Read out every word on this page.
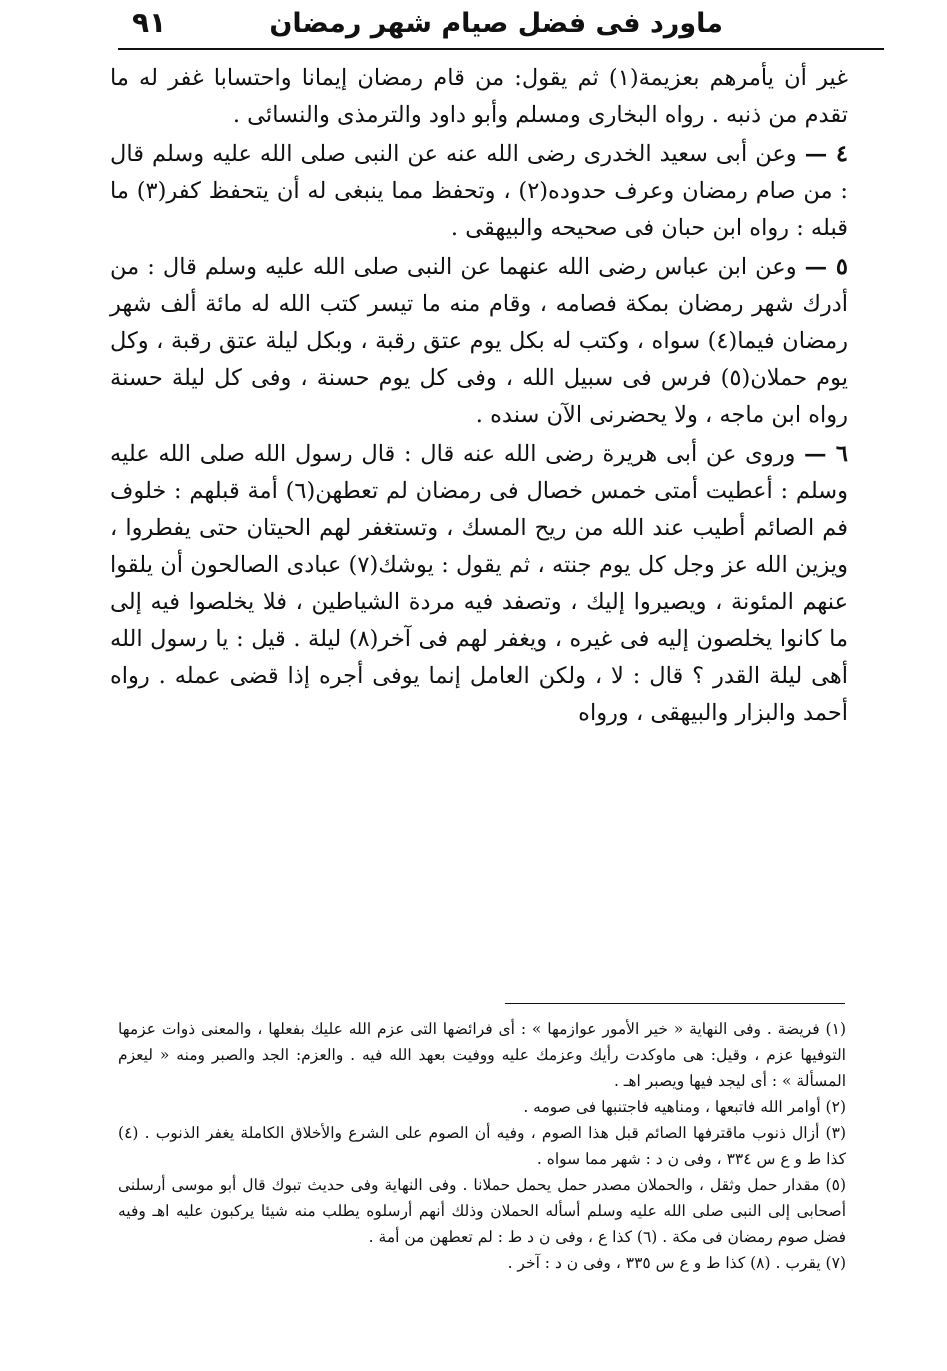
ماورد فى فضل صيام شهر رمضان
٩١

غير أن يأمرهم بعزيمة(١) ثم يقول: من قام رمضان إيمانا واحتسابا غفر له ما تقدم من ذنبه . رواه البخارى ومسلم وأبو داود والترمذى والنسائى .

٤ — وعن أبى سعيد الخدرى رضى الله عنه عن النبى صلى الله عليه وسلم قال : من صام رمضان وعرف حدوده(٢) ، وتحفظ مما ينبغى له أن يتحفظ كفر(٣) ما قبله : رواه ابن حبان فى صحيحه والبيهقى .

٥ — وعن ابن عباس رضى الله عنهما عن النبى صلى الله عليه وسلم قال : من أدرك شهر رمضان بمكة فصامه ، وقام منه ما تيسر كتب الله له مائة ألف شهر رمضان فيما(٤) سواه ، وكتب له بكل يوم عتق رقبة ، وبكل ليلة عتق رقبة ، وكل يوم حملان(٥) فرس فى سبيل الله ، وفى كل يوم حسنة ، وفى كل ليلة حسنة رواه ابن ماجه ، ولا يحضرنى الآن سنده .

٦ — وروى عن أبى هريرة رضى الله عنه قال : قال رسول الله صلى الله عليه وسلم : أعطيت أمتى خمس خصال فى رمضان لم تعطهن(٦) أمة قبلهم : خلوف فم الصائم أطيب عند الله من ريح المسك ، وتستغفر لهم الحيتان حتى يفطروا ، ويزين الله عز وجل كل يوم جنته ، ثم يقول : يوشك(٧) عبادى الصالحون أن يلقوا عنهم المئونة ، ويصيروا إليك ، وتصفد فيه مردة الشياطين ، فلا يخلصوا فيه إلى ما كانوا يخلصون إليه فى غيره ، ويغفر لهم فى آخر(٨) ليلة . قيل : يا رسول الله أهى ليلة القدر ؟ قال : لا ، ولكن العامل إنما يوفى أجره إذا قضى عمله . رواه أحمد والبزار والبيهقى ، ورواه

(١) فريضة . وفى النهاية « خير الأمور عوازمها » : أى فرائضها التى عزم الله عليك بفعلها ، والمعنى ذوات عزمها التوفيها عزم ، وقيل: هى ماوكدت رأيك وعزمك عليه ووفيت بعهد الله فيه . والعزم: الجد والصبر ومنه « ليعزم المسألة » : أى ليجد فيها ويصبر اهـ .

(٢) أوامر الله فاتبعها ، ومناهيه فاجتنبها فى صومه .

(٣) أزال ذنوب ماقترفها الصائم قبل هذا الصوم ، وفيه أن الصوم على الشرع والأخلاق الكاملة يغفر الذنوب . (٤) كذا ط و ع س ٣٣٤ ، وفى ن د : شهر مما سواه .

(٥) مقدار حمل وثقل ، والحملان مصدر حمل يحمل حملانا . وفى النهاية وفى حديث تبوك قال أبو موسى أرسلنى أصحابى إلى النبى صلى الله عليه وسلم أسأله الحملان وذلك أنهم أرسلوه يطلب منه شيئا يركبون عليه اهـ وفيه فضل صوم رمضان فى مكة . (٦) كذا ع ، وفى ن د ط : لم تعطهن من أمة .

(٧) يقرب . (٨) كذا ط و ع س ٣٣٥ ، وفى ن د : آخر .
